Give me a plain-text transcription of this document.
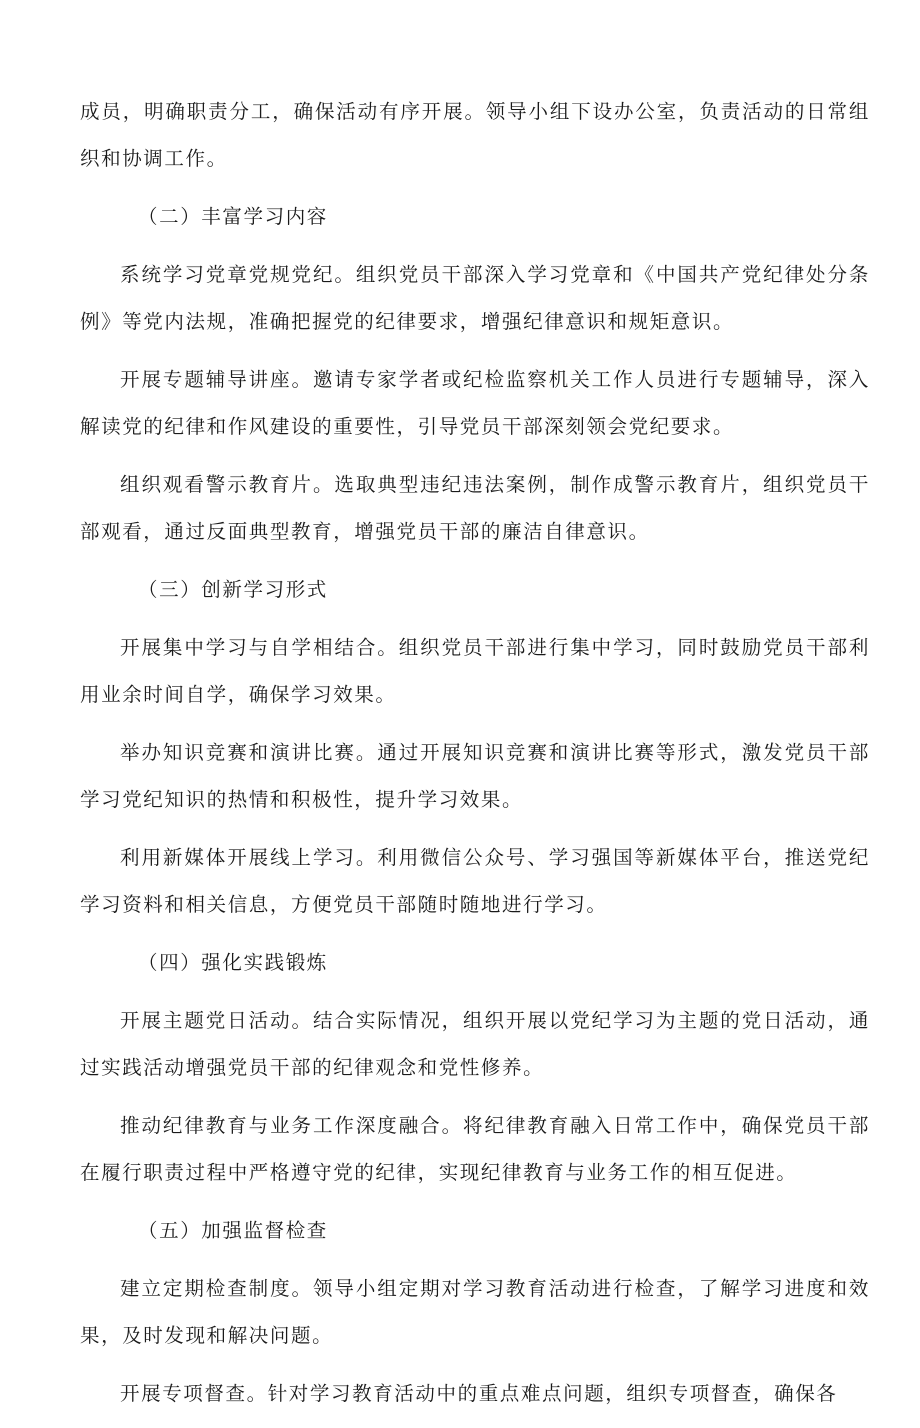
成员，明确职责分工，确保活动有序开展。领导小组下设办公室，负责活动的日常组织和协调工作。

（二）丰富学习内容

系统学习党章党规党纪。组织党员干部深入学习党章和《中国共产党纪律处分条例》等党内法规，准确把握党的纪律要求，增强纪律意识和规矩意识。

开展专题辅导讲座。邀请专家学者或纪检监察机关工作人员进行专题辅导，深入解读党的纪律和作风建设的重要性，引导党员干部深刻领会党纪要求。

组织观看警示教育片。选取典型违纪违法案例，制作成警示教育片，组织党员干部观看，通过反面典型教育，增强党员干部的廉洁自律意识。

（三）创新学习形式

开展集中学习与自学相结合。组织党员干部进行集中学习，同时鼓励党员干部利用业余时间自学，确保学习效果。

举办知识竞赛和演讲比赛。通过开展知识竞赛和演讲比赛等形式，激发党员干部学习党纪知识的热情和积极性，提升学习效果。

利用新媒体开展线上学习。利用微信公众号、学习强国等新媒体平台，推送党纪学习资料和相关信息，方便党员干部随时随地进行学习。

（四）强化实践锻炼

开展主题党日活动。结合实际情况，组织开展以党纪学习为主题的党日活动，通过实践活动增强党员干部的纪律观念和党性修养。

推动纪律教育与业务工作深度融合。将纪律教育融入日常工作中，确保党员干部在履行职责过程中严格遵守党的纪律，实现纪律教育与业务工作的相互促进。

（五）加强监督检查

建立定期检查制度。领导小组定期对学习教育活动进行检查，了解学习进度和效果，及时发现和解决问题。

开展专项督查。针对学习教育活动中的重点难点问题，组织专项督查，确保各
